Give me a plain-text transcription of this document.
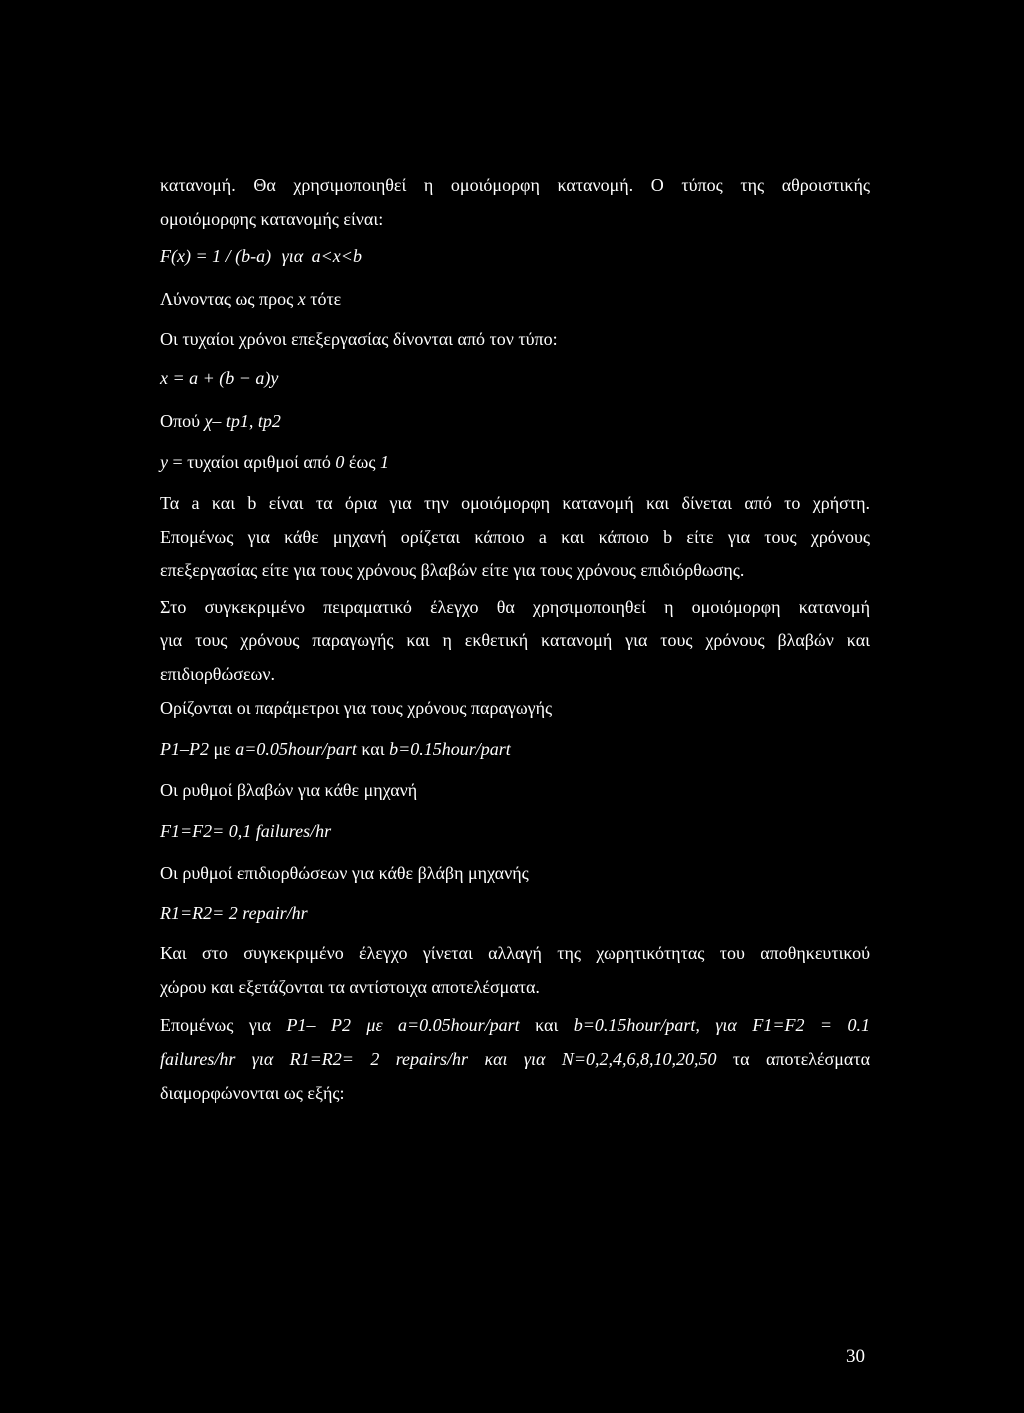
κατανομή. Θα χρησιμοποιηθεί η ομοιόμορφη κατανομή. Ο τύπος της αθροιστικής
ομοιόμορφης κατανομής είναι:
F(x) = 1 / (b-a) για a<x<b
Λύνοντας ως προς x τότε
Οι τυχαίοι χρόνοι επεξεργασίας δίνονται από τον τύπο:
x = a + (b − a)y
Οπού χ– tp1, tp2
y = τυχαίοι αριθμοί από 0 έως 1
Τα a και b είναι τα όρια για την ομοιόμορφη κατανομή και δίνεται από το χρήστη.
Επομένως για κάθε μηχανή ορίζεται κάποιο a και κάποιο b είτε για τους χρόνους
επεξεργασίας είτε για τους χρόνους βλαβών είτε για τους χρόνους επιδιόρθωσης.
Στο συγκεκριμένο πειραματικό έλεγχο θα χρησιμοποιηθεί η ομοιόμορφη κατανομή
για τους χρόνους παραγωγής και η εκθετική κατανομή για τους χρόνους βλαβών και
επιδιορθώσεων.
Ορίζονται οι παράμετροι για τους χρόνους παραγωγής
P1–P2 με a=0.05hour/part και b=0.15hour/part
Οι ρυθμοί βλαβών για κάθε μηχανή
F1=F2= 0,1 failures/hr
Οι ρυθμοί επιδιορθώσεων για κάθε βλάβη μηχανής
R1=R2= 2 repair/hr
Και στο συγκεκριμένο έλεγχο γίνεται αλλαγή της χωρητικότητας του αποθηκευτικού
χώρου και εξετάζονται τα αντίστοιχα αποτελέσματα.
Επομένως για P1– P2 με a=0.05hour/part και b=0.15hour/part, για F1=F2 = 0.1
failures/hr για R1=R2= 2 repairs/hr και για N=0,2,4,6,8,10,20,50 τα αποτελέσματα
διαμορφώνονται ως εξής:
30
